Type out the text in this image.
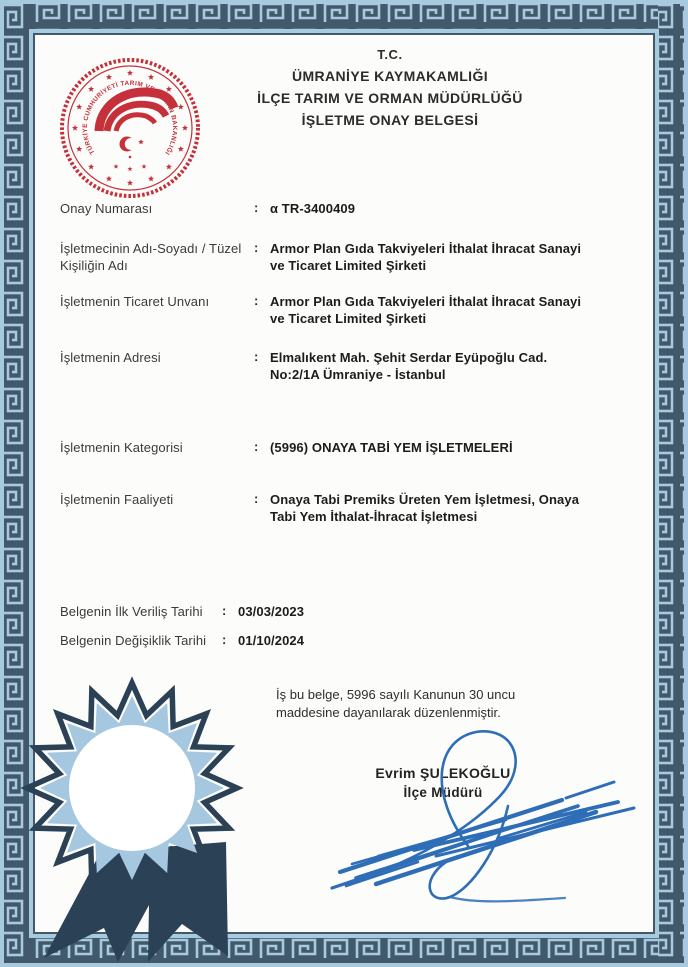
TÜRKİYE CUMHURİYETİ TARIM VE ORMAN BAKANLIĞI
T.C.
ÜMRANİYE KAYMAKAMLIĞI
İLÇE TARIM VE ORMAN MÜDÜRLÜĞÜ
İŞLETME ONAY BELGESİ
Onay Numarası	: α TR-3400409
İşletmecinin Adı-Soyadı / Tüzel Kişiliğin Adı
: Armor Plan Gıda Takviyeleri İthalat İhracat Sanayi ve Ticaret Limited Şirketi
İşletmenin Ticaret Unvanı	: Armor Plan Gıda Takviyeleri İthalat İhracat Sanayi ve Ticaret Limited Şirketi
İşletmenin Adresi	: Elmalıkent Mah. Şehit Serdar Eyüpoğlu Cad. No:2/1A Ümraniye - İstanbul
İşletmenin Kategorisi	: (5996) ONAYA TABİ YEM İŞLETMELERİ
İşletmenin Faaliyeti	: Onaya Tabi Premiks Üreten Yem İşletmesi, Onaya Tabi Yem İthalat-İhracat İşletmesi
Belgenin İlk Veriliş Tarihi : 03/03/2023
Belgenin Değişiklik Tarihi : 01/10/2024
İş bu belge, 5996 sayılı Kanunun 30 uncu maddesine dayanılarak düzenlenmiştir.
Evrim ŞULEKOĞLU
İlçe Müdürü
